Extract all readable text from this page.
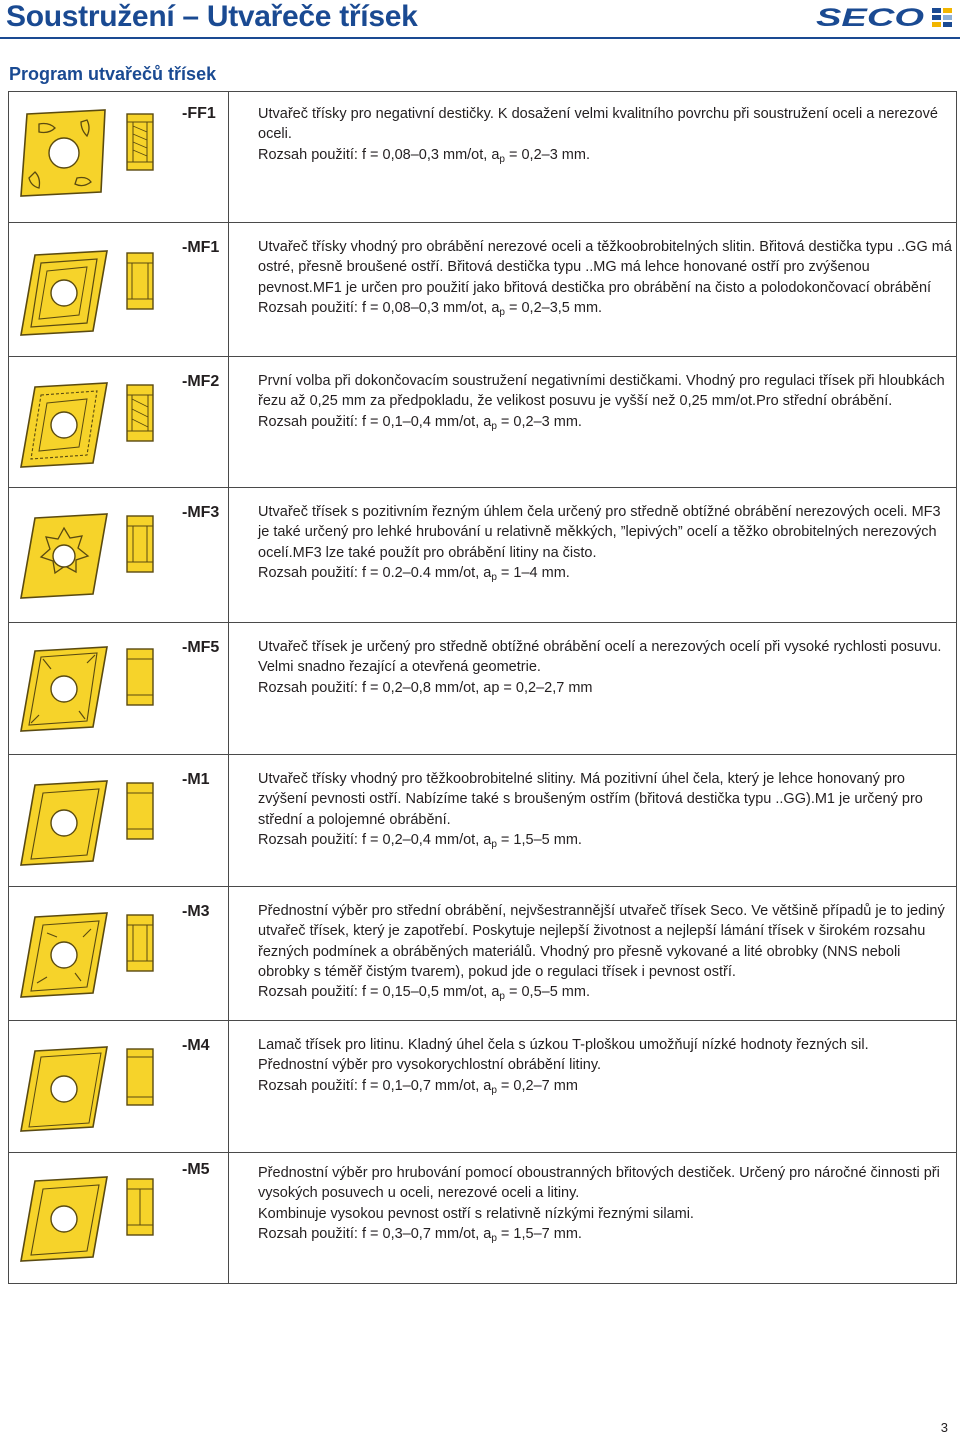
Soustružení – Utvařeče třísek	SECO
Program utvařečů třísek
-FF1	Utvařeč třísky pro negativní destičky. K dosažení velmi kvalitního povrchu při soustružení oceli a nerezové oceli.

Rozsah použití: f = 0,08–0,3 mm/ot, $a_p = 0,2-3$ mm.

-MF1	Utvařeč třísky vhodný pro obrábění nerezové oceli a těžkoobrobitelných slitin. Břitová destička typu ..GG má ostré, přesně broušené ostří. Břitová destička typu ..MG má lehce honované ostří pro zvýšenou pevnost.MF1 je určen pro použití jako břitová destička pro obrábění na čisto a polodokončovací obrábění

Rozsah použití: f = 0,08–0,3 mm/ot, $a_p = 0,2-3,5$ mm.

-MF2	První volba při dokončovacím soustružení negativními destičkami. Vhodný pro regulaci třísek při hloubkách řezu až 0,25 mm za předpokladu, že velikost posuvu je vyšší než 0,25 mm/ot.Pro střední obrábění.

Rozsah použití: f = 0,1–0,4 mm/ot, $a_p = 0,2-3$ mm.

-MF3	Utvařeč třísek s pozitivním řezným úhlem čela určený pro středně obtížné obrábění nerezových oceli. MF3 je také určený pro lehké hrubování u relativně měkkých, ”lepivých” ocelí a těžko obrobitelných nerezových ocelí.MF3 lze také použít pro obrábění litiny na čisto.

Rozsah použití: f = 0.2–0.4 mm/ot, $a_p = 1-4$ mm.

-MF5	Utvařeč třísek je určený pro středně obtížné obrábění ocelí a nerezových ocelí při vysoké rychlosti posuvu.

Velmi snadno řezající a otevřená geometrie.

Rozsah použití: f = 0,2–0,8 mm/ot, ap = 0,2–2,7 mm

-M1	Utvařeč třísky vhodný pro těžkoobrobitelné slitiny. Má pozitivní úhel čela, který je lehce honovaný pro zvýšení pevnosti ostří. Nabízíme také s broušeným ostřím (břitová destička typu ..GG).M1 je určený pro střední a polojemné obrábění.

Rozsah použití: f = 0,2–0,4 mm/ot, $a_p = 1,5-5$ mm.

-M3	Přednostní výběr pro střední obrábění, nejvšestrannější utvařeč třísek Seco. Ve většině případů je to jediný utvařeč třísek, který je zapotřebí. Poskytuje nejlepší životnost a nejlepší lámání třísek v širokém rozsahu řezných podmínek a obráběných materiálů. Vhodný pro přesně vykované a lité obrobky (NNS neboli obrobky s téměř čistým tvarem), pokud jde o regulaci třísek i pevnost ostří.

Rozsah použití: f = 0,15–0,5 mm/ot, $a_p = 0,5-5$ mm.

-M4	Lamač třísek pro litinu. Kladný úhel čela s úzkou T-ploškou umožňují nízké hodnoty řezných sil.

Přednostní výběr pro vysokorychlostní obrábění litiny.

Rozsah použití: f = 0,1–0,7 mm/ot, $a_p = 0,2-7$ mm

-M5	Přednostní výběr pro hrubování pomocí oboustranných břitových destiček. Určený pro náročné činnosti při vysokých posuvech u oceli, nerezové oceli a litiny.

Kombinuje vysokou pevnost ostří s relativně nízkými řeznými silami.

Rozsah použití: f = 0,3–0,7 mm/ot, $a_p = 1,5-7$ mm.

3
